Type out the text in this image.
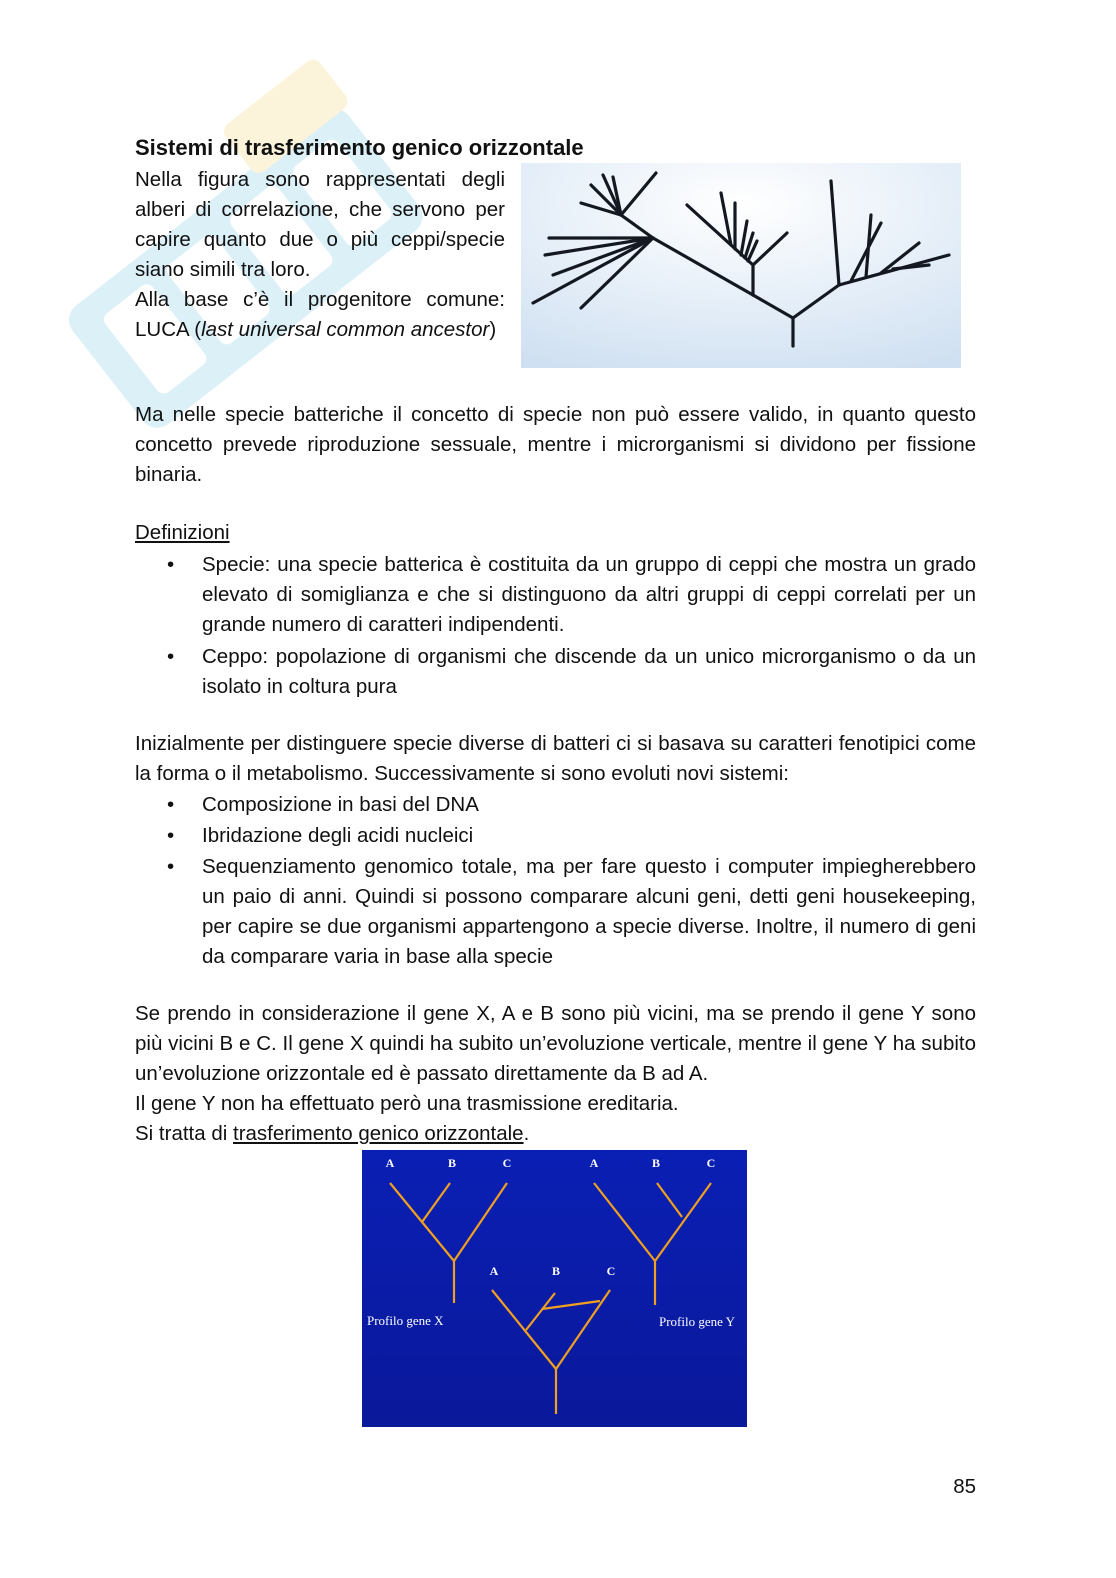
Sistemi di trasferimento genico orizzontale

Nella figura sono rappresentati degli alberi di correlazione, che servono per capire quanto due o più ceppi/specie siano simili tra loro.

Alla base c’è il progenitore comune: LUCA (last universal common ancestor)

Ma nelle specie batteriche il concetto di specie non può essere valido, in quanto questo concetto prevede riproduzione sessuale, mentre i microrganismi si dividono per fissione binaria.

Definizioni

• Specie: una specie batterica è costituita da un gruppo di ceppi che mostra un grado elevato di somiglianza e che si distinguono da altri gruppi di ceppi correlati per un grande numero di caratteri indipendenti.
• Ceppo: popolazione di organismi che discende da un unico microrganismo o da un isolato in coltura pura

Inizialmente per distinguere specie diverse di batteri ci si basava su caratteri fenotipici come la forma o il metabolismo. Successivamente si sono evoluti novi sistemi:

• Composizione in basi del DNA
• Ibridazione degli acidi nucleici
• Sequenziamento genomico totale, ma per fare questo i computer impiegherebbero un paio di anni. Quindi si possono comparare alcuni geni, detti geni housekeeping, per capire se due organismi appartengono a specie diverse. Inoltre, il numero di geni da comparare varia in base alla specie

Se prendo in considerazione il gene X, A e B sono più vicini, ma se prendo il gene Y sono più vicini B e C. Il gene X quindi ha subito un’evoluzione verticale, mentre il gene Y ha subito un’evoluzione orizzontale ed è passato direttamente da B ad A.

Il gene Y non ha effettuato però una trasmissione ereditaria.

Si tratta di trasferimento genico orizzontale.

A	B	C	A	B	C
A	B	C
Profilo gene X	Profilo gene Y
85
